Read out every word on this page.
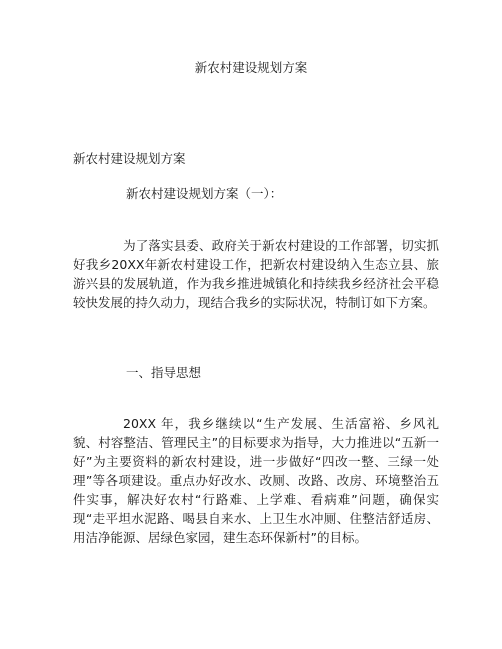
新农村建设规划方案
新农村建设规划方案
新农村建设规划方案（一）：

为了落实县委、政府关于新农村建设的工作部署，切实抓好我乡20XX年新农村建设工作，把新农村建设纳入生态立县、旅游兴县的发展轨道，作为我乡推进城镇化和持续我乡经济社会平稳较快发展的持久动力，现结合我乡的实际状况，特制订如下方案。

一、指导思想

20XX 年，我乡继续以“生产发展、生活富裕、乡风礼貌、村容整洁、管理民主”的目标要求为指导，大力推进以“五新一好”为主要资料的新农村建设，进一步做好“四改一整、三绿一处理”等各项建设。重点办好改水、改厕、改路、改房、环境整治五件实事，解决好农村“行路难、上学难、看病难”问题，确保实现“走平坦水泥路、喝县自来水、上卫生水冲厕、住整洁舒适房、用洁净能源、居绿色家园，建生态环保新村”的目标。
